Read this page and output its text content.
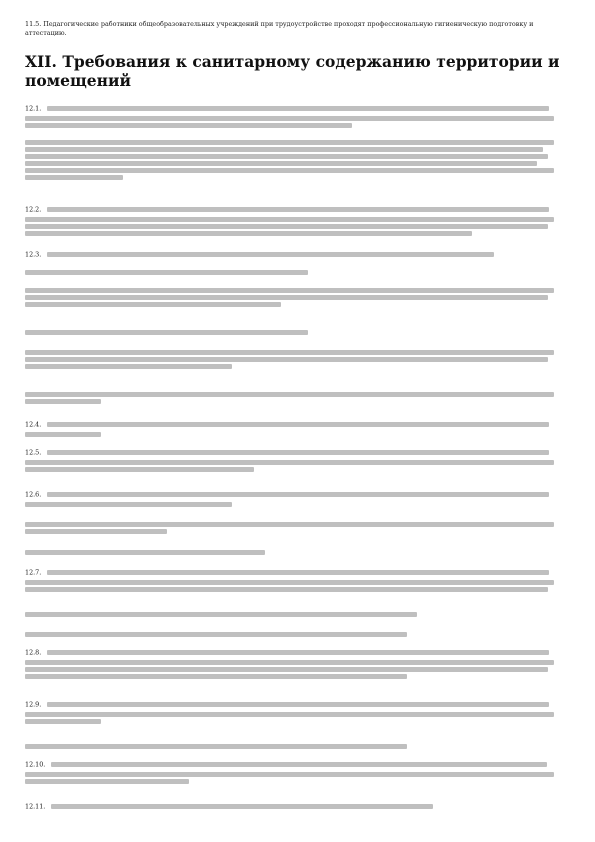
11.5. Педагогические работники общеобразовательных учреждений при трудоустройстве проходят профессиональную гигиеническую подготовку и аттестацию.
XII. Требования к санитарному содержанию территории и помещений
12.1.
12.2.
12.3.
12.4.
12.5.
12.6.
12.7.
12.8.
12.9.
12.10.
12.11.
